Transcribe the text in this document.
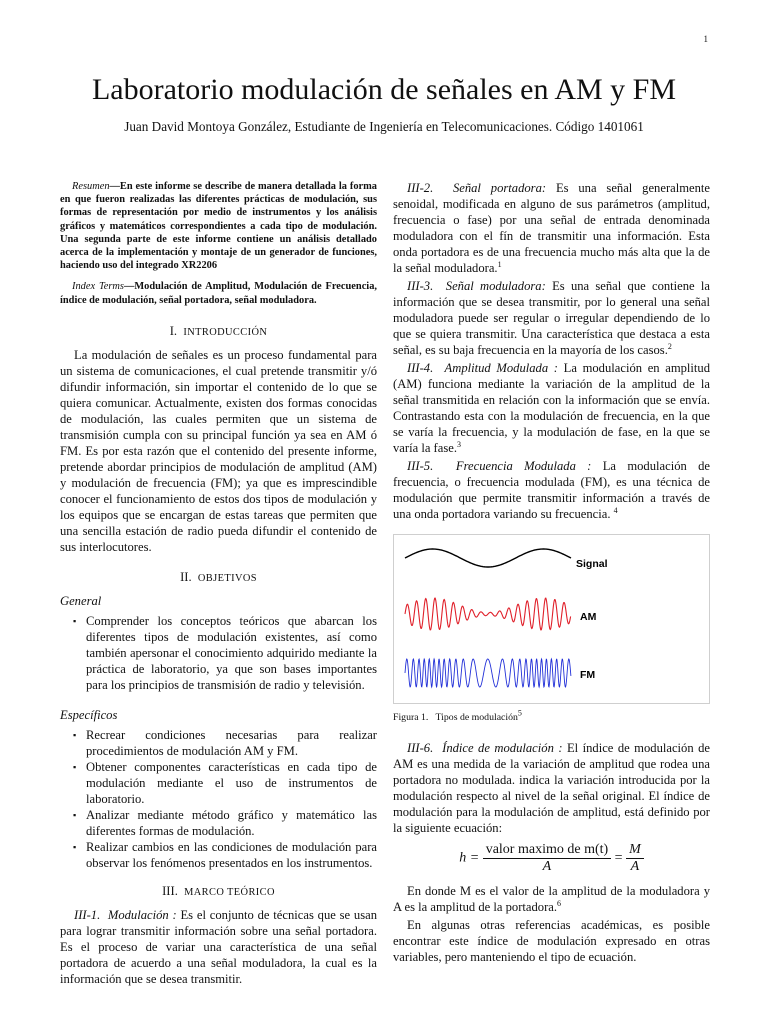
1
Laboratorio modulación de señales en AM y FM
Juan David Montoya González, Estudiante de Ingeniería en Telecomunicaciones. Código 1401061

Resumen—En este informe se describe de manera detallada la forma en que fueron realizadas las diferentes prácticas de modulación, sus formas de representación por medio de instrumentos y los análisis gráficos y matemáticos correspondientes a cada tipo de modulación. Una segunda parte de este informe contiene un análisis detallado acerca de la implementación y montaje de un generador de funciones, haciendo uso del integrado XR2206

Index Terms—Modulación de Amplitud, Modulación de Frecuencia, índice de modulación, señal portadora, señal moduladora.

I. INTRODUCCIÓN

La modulación de señales es un proceso fundamental para un sistema de comunicaciones, el cual pretende transmitir y/ó difundir información, sin importar el contenido de lo que se quiera comunicar. Actualmente, existen dos formas conocidas de modulación, las cuales permiten que un sistema de transmisión cumpla con su principal función ya sea en AM ó FM. Es por esta razón que el contenido del presente informe, pretende abordar principios de modulación de amplitud (AM) y modulación de frecuencia (FM); ya que es imprescindible conocer el funcionamiento de estos dos tipos de modulación y los equipos que se encargan de estas tareas que permiten que una sencilla estación de radio pueda difundir el contenido de sus interlocutores.

II. OBJETIVOS
General
▪ Comprender los conceptos teóricos que abarcan los diferentes tipos de modulación existentes, así como también apersonar el conocimiento adquirido mediante la práctica de laboratorio, ya que son bases importantes para los principios de transmisión de radio y televisión.
Específicos
▪ Recrear condiciones necesarias para realizar procedimientos de modulación AM y FM.
▪ Obtener componentes características en cada tipo de modulación mediante el uso de instrumentos de laboratorio.
▪ Analizar mediante método gráfico y matemático las diferentes formas de modulación.
▪ Realizar cambios en las condiciones de modulación para observar los fenómenos presentados en los instrumentos.
III. MARCO TEÓRICO

III-1. Modulación : Es el conjunto de técnicas que se usan para lograr transmitir información sobre una señal portadora. Es el proceso de variar una característica de una señal portadora de acuerdo a una señal moduladora, la cual es la información que se desea transmitir.

III-2. Señal portadora: Es una señal generalmente senoidal, modificada en alguno de sus parámetros (amplitud, frecuencia o fase) por una señal de entrada denominada moduladora con el fín de transmitir una información. Esta onda portadora es de una frecuencia mucho más alta que la de la señal moduladora.$^1$

III-3. Señal moduladora: Es una señal que contiene la información que se desea transmitir, por lo general una señal moduladora puede ser regular o irregular dependiendo de lo que se quiera transmitir. Una característica que destaca a esta señal, es su baja frecuencia en la mayoría de los casos.$^2$

III-4. Amplitud Modulada : La modulación en amplitud (AM) funciona mediante la variación de la amplitud de la señal transmitida en relación con la información que se envía. Contrastando esta con la modulación de frecuencia, en la que se varía la frecuencia, y la modulación de fase, en la que se varía la fase.$^3$

III-5. Frecuencia Modulada : La modulación de frecuencia, o frecuencia modulada (FM), es una técnica de modulación que permite transmitir información a través de una onda portadora variando su frecuencia. $^4$

Signal
AM
FM
Figura 1.   Tipos de modulación$^5$

III-6. Índice de modulación : El índice de modulación de AM es una medida de la variación de amplitud que rodea una portadora no modulada. indica la variación introducida por la modulación respecto al nivel de la señal original. El índice de modulación para la modulación de amplitud, está definido por la siguiente ecuación:

$h = \frac{\text{valor maximo de m(t)}}{A} = \frac{M}{A}$

En donde M es el valor de la amplitud de la moduladora y A es la amplitud de la portadora.$^6$

En algunas otras referencias académicas, es posible encontrar este índice de modulación expresado en otras variables, pero manteniendo el tipo de ecuación.
